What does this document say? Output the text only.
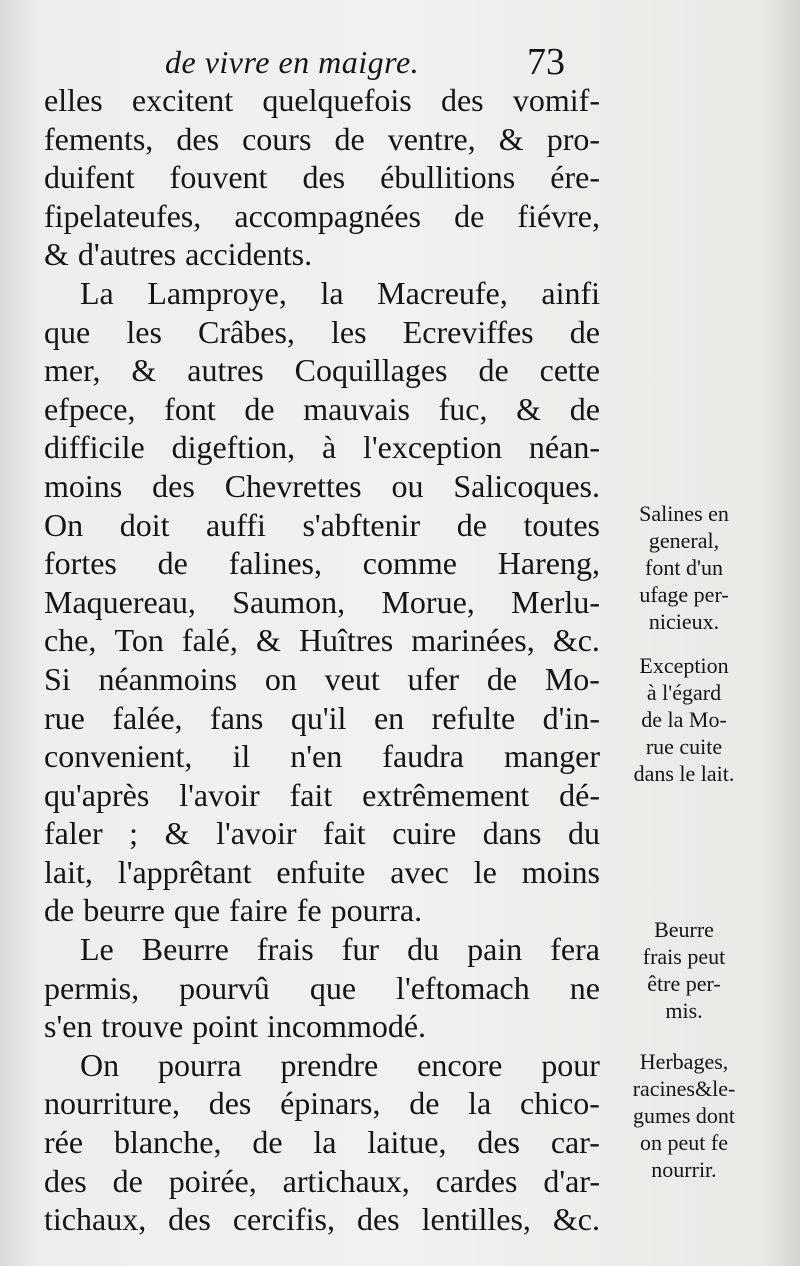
de vivre en maigre.	73
elles excitent quelquefois des vomif-
fements, des cours de ventre, & pro-
duifent fouvent des ébullitions ére-
fipelateufes, accompagnées de fiévre,
& d'autres accidents.
La Lamproye, la Macreufe, ainfi
que les Crâbes, les Ecreviffes de
mer, & autres Coquillages de cette
efpece, font de mauvais fuc, & de
difficile digeftion, à l'exception néan-
moins des Chevrettes ou Salicoques.
On doit auffi s'abftenir de toutes
fortes de falines, comme Hareng,
Maquereau, Saumon, Morue, Merlu-
che, Ton falé, & Huîtres marinées, &c.
Si néanmoins on veut ufer de Mo-
rue falée, fans qu'il en refulte d'in-
convenient, il n'en faudra manger
qu'après l'avoir fait extrêmement dé-
faler ; & l'avoir fait cuire dans du
lait, l'apprêtant enfuite avec le moins
de beurre que faire fe pourra.
Le Beurre frais fur du pain fera
permis, pourvû que l'eftomach ne
s'en trouve point incommodé.
On pourra prendre encore pour
nourriture, des épinars, de la chico-
rée blanche, de la laitue, des car-
des de poirée, artichaux, cardes d'ar-
tichaux, des cercifis, des lentilles, &c.
Salines en
general,
font d'un
ufage per-
nicieux.
Exception
à l'égard
de la Mo-
rue cuite
dans le lait.
Beurre
frais peut
être per-
mis.
Herbages,
racines&le-
gumes dont
on peut fe
nourrir.
